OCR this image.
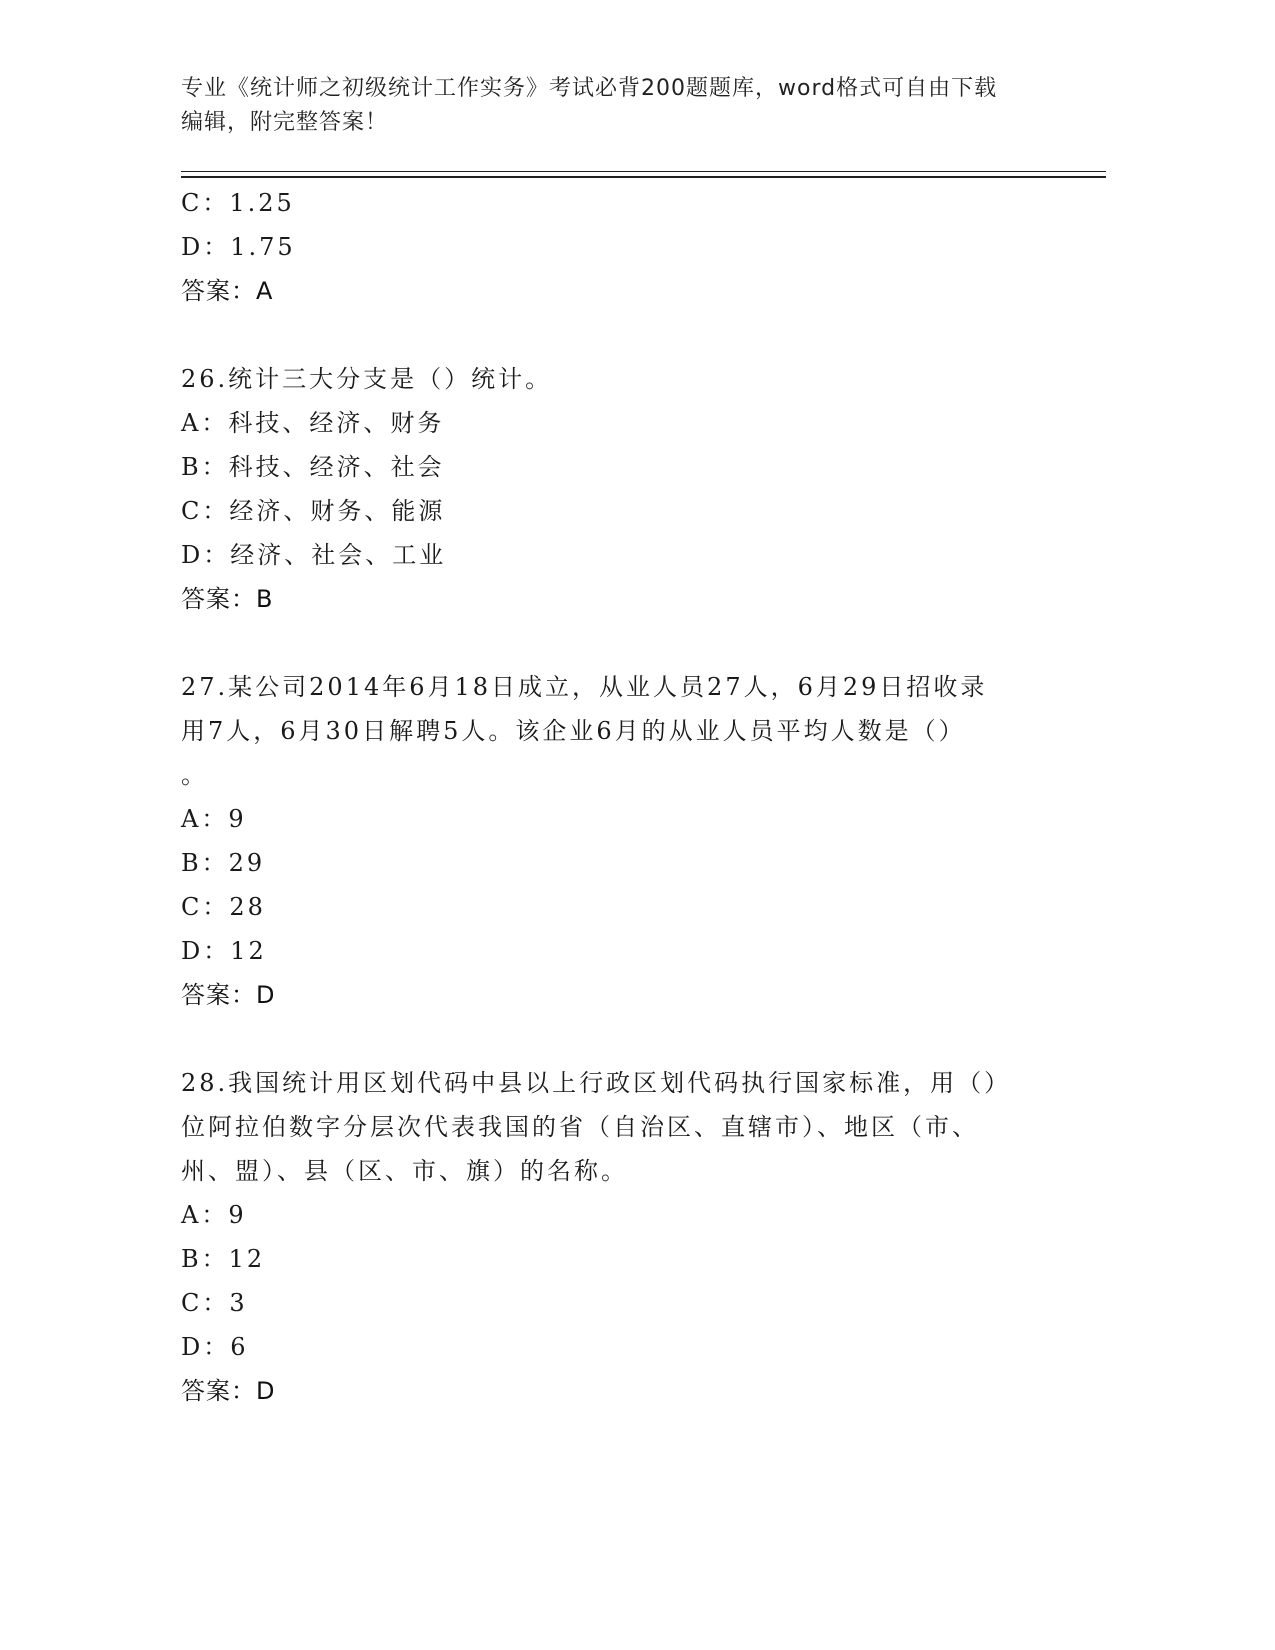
专业《统计师之初级统计工作实务》考试必背200题题库，word格式可自由下载
编辑，附完整答案！
C：1.25
D：1.75
答案：A
26.统计三大分支是（）统计。
A：科技、经济、财务
B：科技、经济、社会
C：经济、财务、能源
D：经济、社会、工业
答案：B
27.某公司2014年6月18日成立，从业人员27人，6月29日招收录
用7人，6月30日解聘5人。该企业6月的从业人员平均人数是（）
。
A：9
B：29
C：28
D：12
答案：D
28.我国统计用区划代码中县以上行政区划代码执行国家标准，用（）
位阿拉伯数字分层次代表我国的省（自治区、直辖市）、地区（市、
州、盟）、县（区、市、旗）的名称。
A：9
B：12
C：3
D：6
答案：D
